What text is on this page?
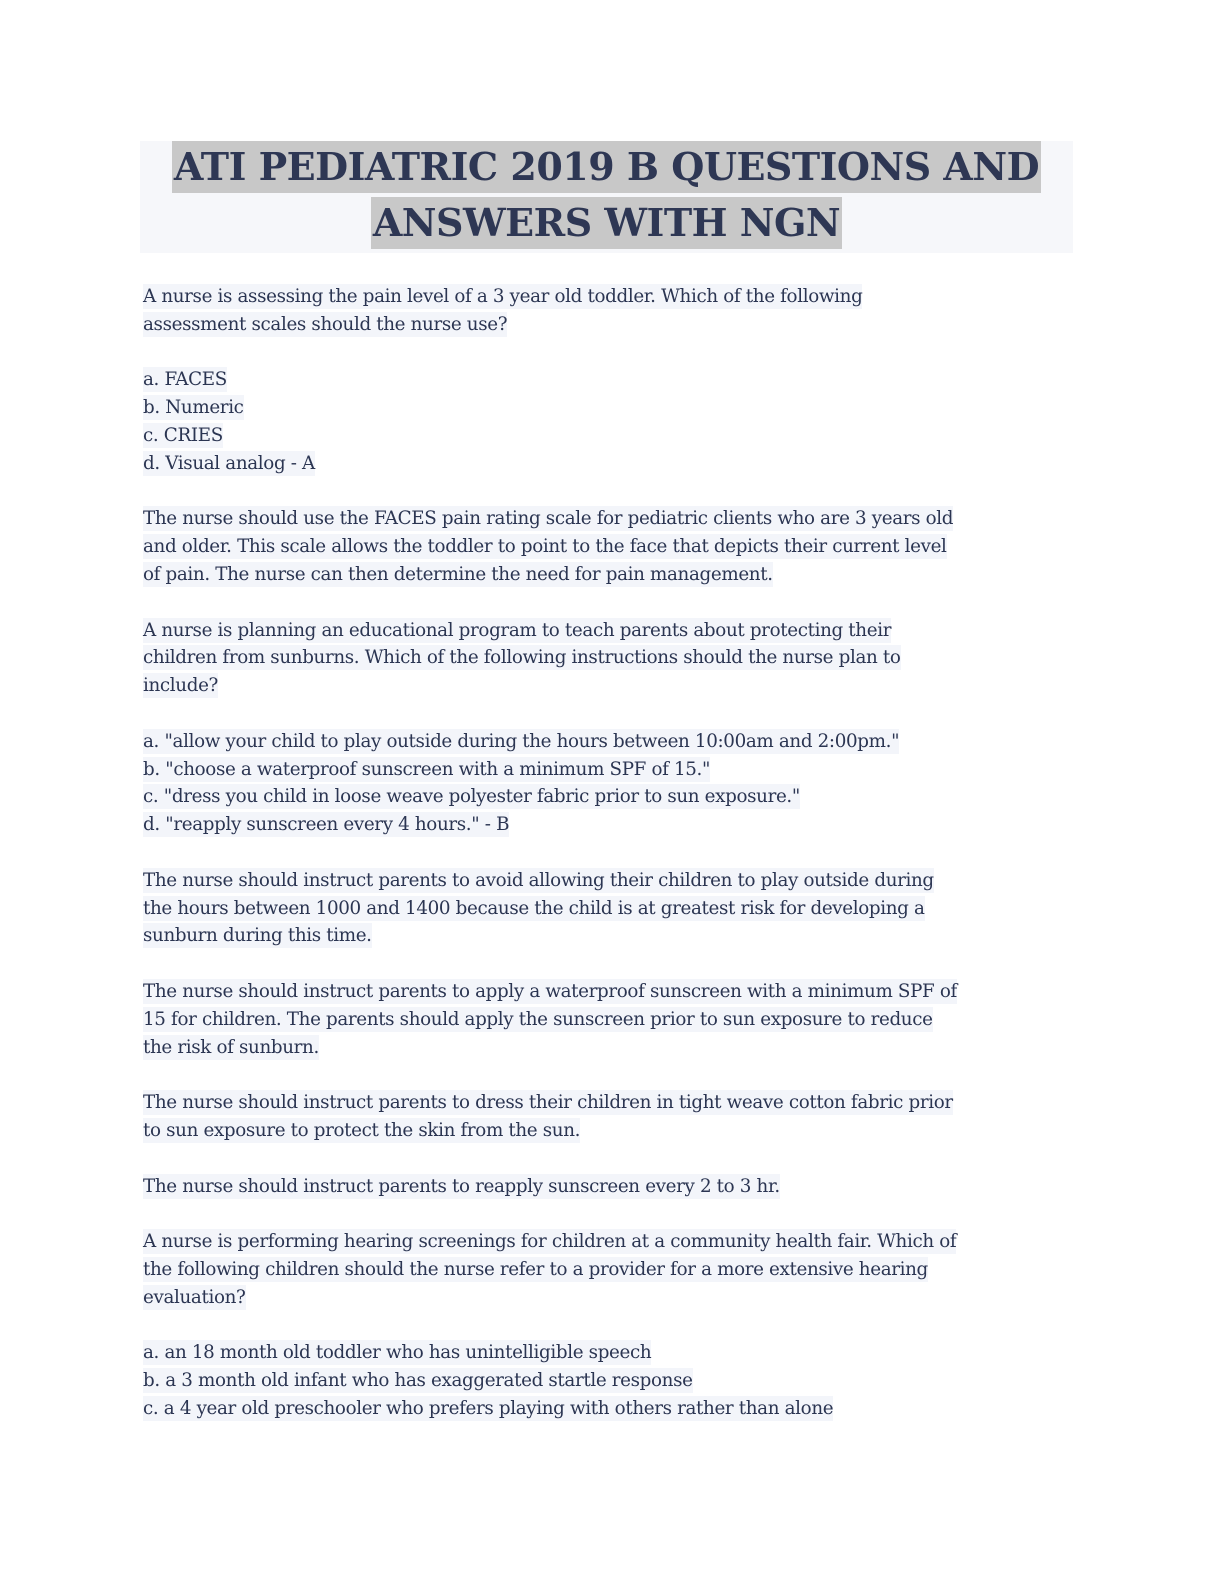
ATI PEDIATRIC 2019 B QUESTIONS AND
ANSWERS WITH NGN
A nurse is assessing the pain level of a 3 year old toddler. Which of the following
assessment scales should the nurse use?
a. FACES
b. Numeric
c. CRIES
d. Visual analog - A
The nurse should use the FACES pain rating scale for pediatric clients who are 3 years old
and older. This scale allows the toddler to point to the face that depicts their current level
of pain. The nurse can then determine the need for pain management.
A nurse is planning an educational program to teach parents about protecting their
children from sunburns. Which of the following instructions should the nurse plan to
include?
a. "allow your child to play outside during the hours between 10:00am and 2:00pm."
b. "choose a waterproof sunscreen with a minimum SPF of 15."
c. "dress you child in loose weave polyester fabric prior to sun exposure."
d. "reapply sunscreen every 4 hours." - B
The nurse should instruct parents to avoid allowing their children to play outside during
the hours between 1000 and 1400 because the child is at greatest risk for developing a
sunburn during this time.
The nurse should instruct parents to apply a waterproof sunscreen with a minimum SPF of
15 for children. The parents should apply the sunscreen prior to sun exposure to reduce
the risk of sunburn.
The nurse should instruct parents to dress their children in tight weave cotton fabric prior
to sun exposure to protect the skin from the sun.
The nurse should instruct parents to reapply sunscreen every 2 to 3 hr.
A nurse is performing hearing screenings for children at a community health fair. Which of
the following children should the nurse refer to a provider for a more extensive hearing
evaluation?
a. an 18 month old toddler who has unintelligible speech
b. a 3 month old infant who has exaggerated startle response
c. a 4 year old preschooler who prefers playing with others rather than alone
